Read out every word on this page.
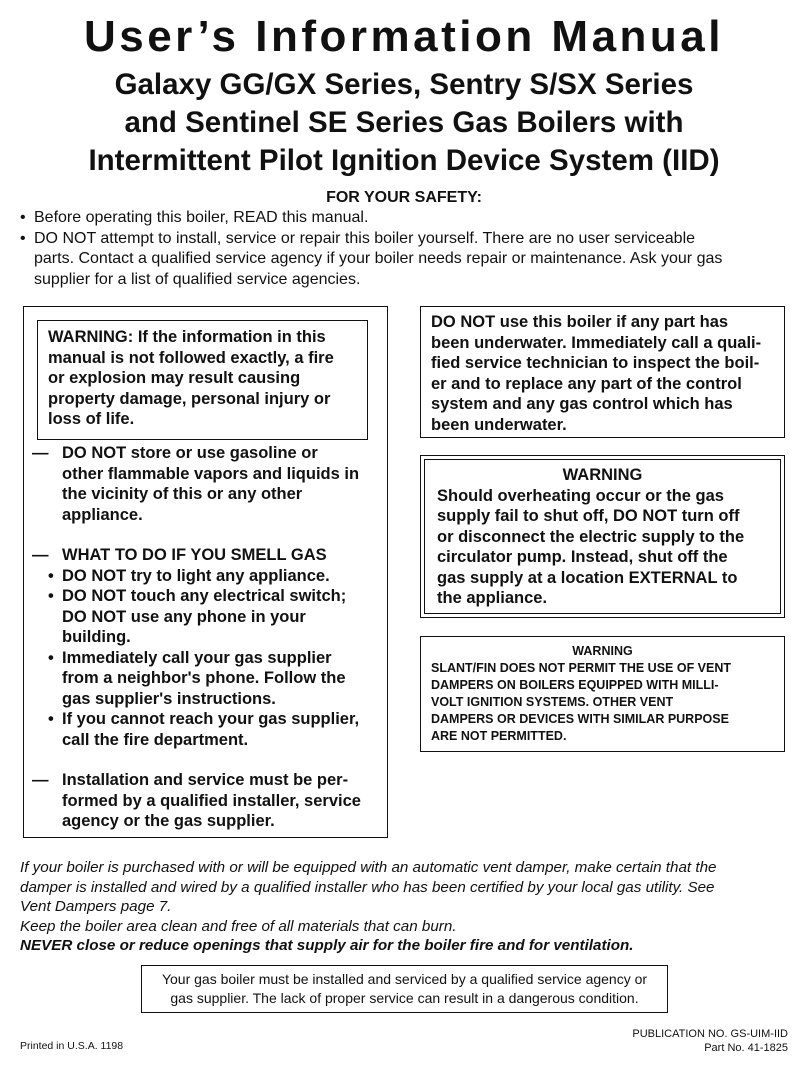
User’s Information Manual
Galaxy GG/GX Series, Sentry S/SX Series
and Sentinel SE Series Gas Boilers with
Intermittent Pilot Ignition Device System (IID)
FOR YOUR SAFETY:
• Before operating this boiler, READ this manual.
• DO NOT attempt to install, service or repair this boiler yourself. There are no user serviceable
parts. Contact a qualified service agency if your boiler needs repair or maintenance. Ask your gas
supplier for a list of qualified service agencies.
WARNING: If the information in this
manual is not followed exactly, a fire
or explosion may result causing
property damage, personal injury or
loss of life.
— DO NOT store or use gasoline or
other flammable vapors and liquids in
the vicinity of this or any other
appliance.
— WHAT TO DO IF YOU SMELL GAS
• DO NOT try to light any appliance.
• DO NOT touch any electrical switch;
DO NOT use any phone in your
building.
• Immediately call your gas supplier
from a neighbor's phone. Follow the
gas supplier's instructions.
• If you cannot reach your gas supplier,
call the fire department.
— Installation and service must be per-
formed by a qualified installer, service
agency or the gas supplier.
DO NOT use this boiler if any part has
been underwater. Immediately call a quali-
fied service technician to inspect the boil-
er and to replace any part of the control
system and any gas control which has
been underwater.
WARNING
Should overheating occur or the gas
supply fail to shut off, DO NOT turn off
or disconnect the electric supply to the
circulator pump. Instead, shut off the
gas supply at a location EXTERNAL to
the appliance.
WARNING
SLANT/FIN DOES NOT PERMIT THE USE OF VENT
DAMPERS ON BOILERS EQUIPPED WITH MILLI-
VOLT IGNITION SYSTEMS. OTHER VENT
DAMPERS OR DEVICES WITH SIMILAR PURPOSE
ARE NOT PERMITTED.
If your boiler is purchased with or will be equipped with an automatic vent damper, make certain that the
damper is installed and wired by a qualified installer who has been certified by your local gas utility. See
Vent Dampers page 7.
Keep the boiler area clean and free of all materials that can burn.
NEVER close or reduce openings that supply air for the boiler fire and for ventilation.
Your gas boiler must be installed and serviced by a qualified service agency or
gas supplier. The lack of proper service can result in a dangerous condition.
Printed in U.S.A. 1198
PUBLICATION NO. GS-UIM-IID
Part No. 41-1825
